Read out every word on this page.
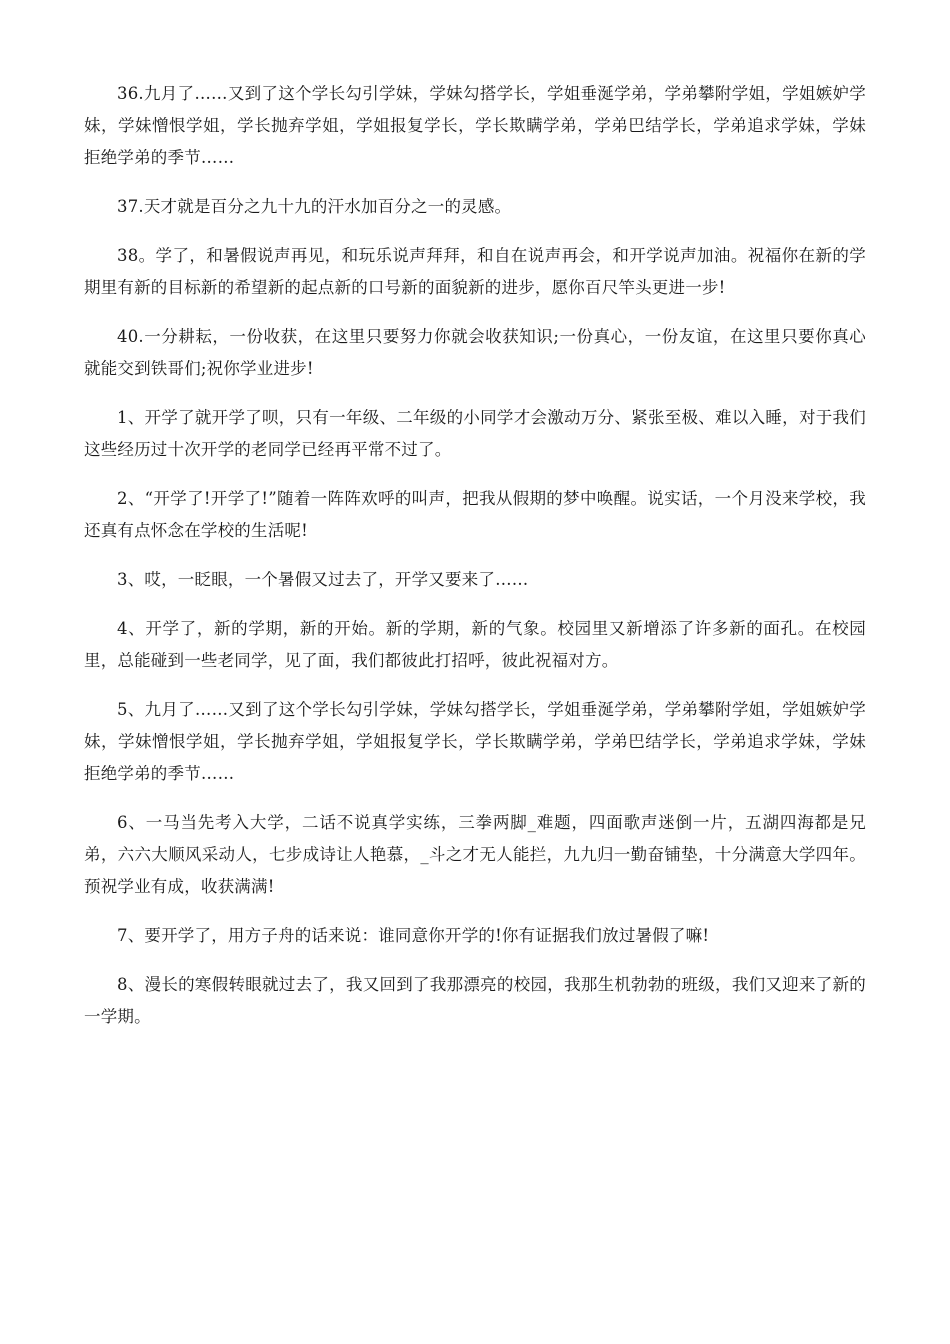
36.九月了……又到了这个学长勾引学妹，学妹勾搭学长，学姐垂涎学弟，学弟攀附学姐，学姐嫉妒学妹，学妹憎恨学姐，学长抛弃学姐，学姐报复学长，学长欺瞒学弟，学弟巴结学长，学弟追求学妹，学妹拒绝学弟的季节……

37.天才就是百分之九十九的汗水加百分之一的灵感。

38。学了，和暑假说声再见，和玩乐说声拜拜，和自在说声再会，和开学说声加油。祝福你在新的学期里有新的目标新的希望新的起点新的口号新的面貌新的进步，愿你百尺竿头更进一步!

40.一分耕耘，一份收获，在这里只要努力你就会收获知识;一份真心，一份友谊，在这里只要你真心就能交到铁哥们;祝你学业进步!

1、开学了就开学了呗，只有一年级、二年级的小同学才会激动万分、紧张至极、难以入睡，对于我们这些经历过十次开学的老同学已经再平常不过了。

2、“开学了!开学了!”随着一阵阵欢呼的叫声，把我从假期的梦中唤醒。说实话，一个月没来学校，我还真有点怀念在学校的生活呢!

3、哎，一眨眼，一个暑假又过去了，开学又要来了……

4、开学了，新的学期，新的开始。新的学期，新的气象。校园里又新增添了许多新的面孔。在校园里，总能碰到一些老同学，见了面，我们都彼此打招呼，彼此祝福对方。

5、九月了……又到了这个学长勾引学妹，学妹勾搭学长，学姐垂涎学弟，学弟攀附学姐，学姐嫉妒学妹，学妹憎恨学姐，学长抛弃学姐，学姐报复学长，学长欺瞒学弟，学弟巴结学长，学弟追求学妹，学妹拒绝学弟的季节……

6、一马当先考入大学，二话不说真学实练，三拳两脚_难题，四面歌声迷倒一片，五湖四海都是兄弟，六六大顺风采动人，七步成诗让人艳慕，_斗之才无人能拦，九九归一勤奋铺垫，十分满意大学四年。预祝学业有成，收获满满!

7、要开学了，用方子舟的话来说：谁同意你开学的!你有证据我们放过暑假了嘛!

8、漫长的寒假转眼就过去了，我又回到了我那漂亮的校园，我那生机勃勃的班级，我们又迎来了新的一学期。
